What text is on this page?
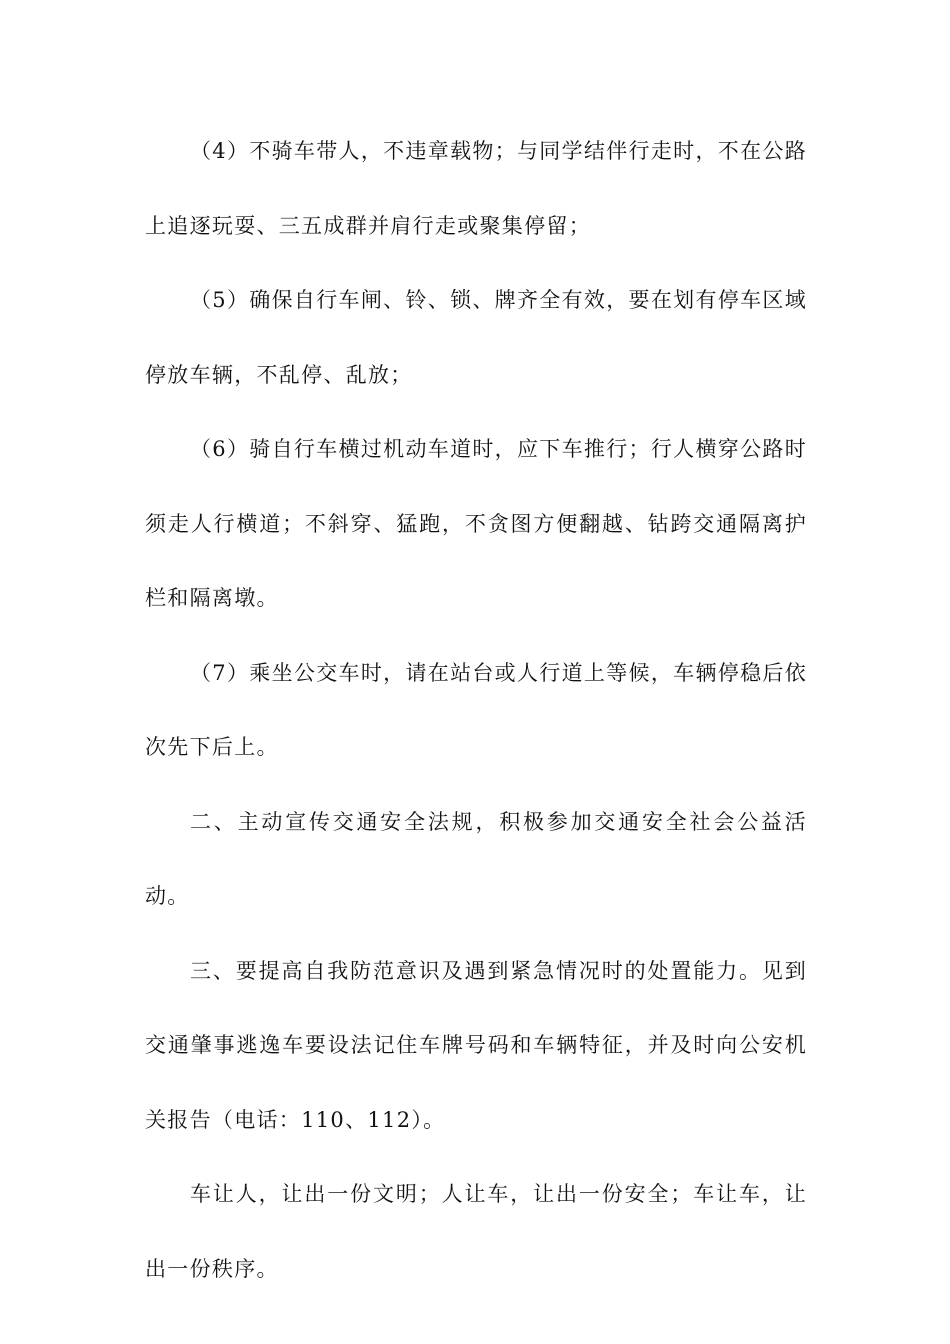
（4）不骑车带人，不违章载物；与同学结伴行走时，不在公路上追逐玩耍、三五成群并肩行走或聚集停留；

（5）确保自行车闸、铃、锁、牌齐全有效，要在划有停车区域停放车辆，不乱停、乱放；

（6）骑自行车横过机动车道时，应下车推行；行人横穿公路时须走人行横道；不斜穿、猛跑，不贪图方便翻越、钻跨交通隔离护栏和隔离墩。

（7）乘坐公交车时，请在站台或人行道上等候，车辆停稳后依次先下后上。

二、主动宣传交通安全法规，积极参加交通安全社会公益活动。

三、要提高自我防范意识及遇到紧急情况时的处置能力。见到交通肇事逃逸车要设法记住车牌号码和车辆特征，并及时向公安机关报告（电话：110、112）。

车让人，让出一份文明；人让车，让出一份安全；车让车，让出一份秩序。
